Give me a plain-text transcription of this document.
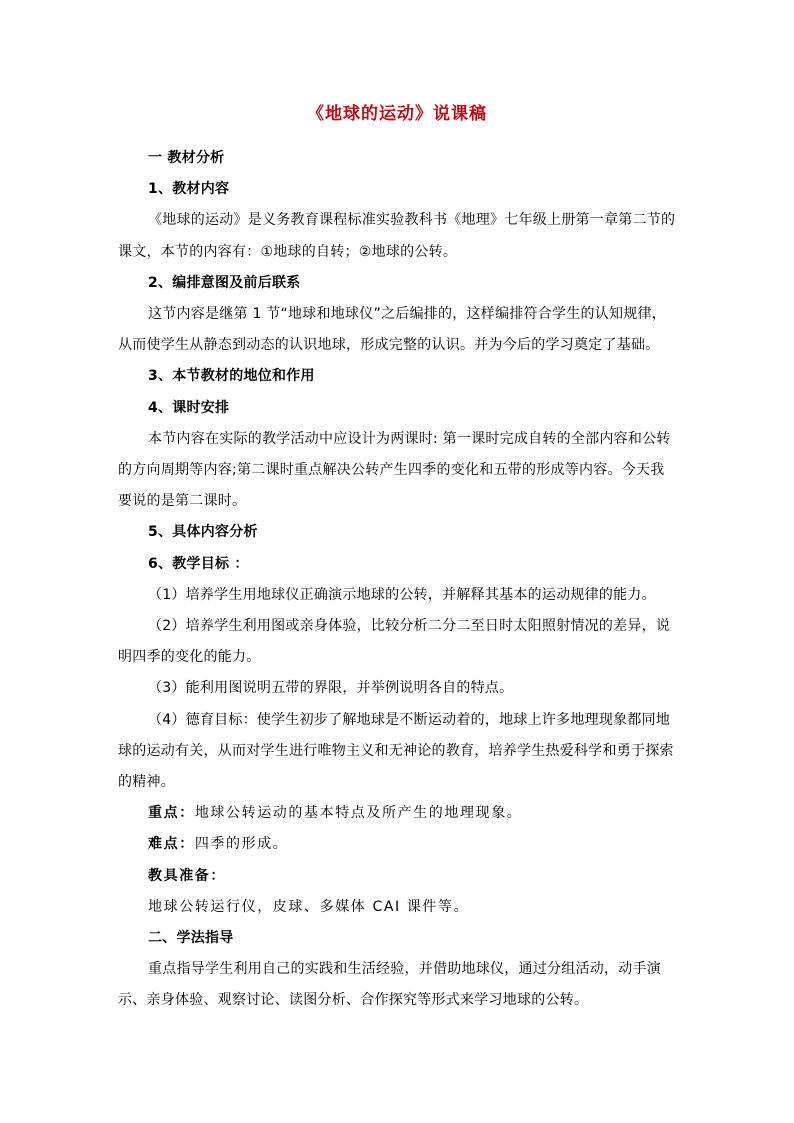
《地球的运动》说课稿

一 教材分析

1、教材内容

《地球的运动》是义务教育课程标准实验教科书《地理》七年级上册第一章第二节的课文，本节的内容有：①地球的自转；②地球的公转。

2、编排意图及前后联系

这节内容是继第 1 节“地球和地球仪”之后编排的，这样编排符合学生的认知规律，从而使学生从静态到动态的认识地球，形成完整的认识。并为今后的学习奠定了基础。

3、本节教材的地位和作用

4、课时安排

本节内容在实际的教学活动中应设计为两课时: 第一课时完成自转的全部内容和公转的方向周期等内容;第二课时重点解决公转产生四季的变化和五带的形成等内容。今天我要说的是第二课时。

5、具体内容分析

6、教学目标 ：

（1）培养学生用地球仪正确演示地球的公转，并解释其基本的运动规律的能力。

（2）培养学生利用图或亲身体验，比较分析二分二至日时太阳照射情况的差异，说明四季的变化的能力。

（3）能利用图说明五带的界限，并举例说明各自的特点。

（4）德育目标：使学生初步了解地球是不断运动着的，地球上许多地理现象都同地球的运动有关，从而对学生进行唯物主义和无神论的教育，培养学生热爱科学和勇于探索的精神。

重点：地球公转运动的基本特点及所产生的地理现象。

难点：四季的形成。

教具准备：

地球公转运行仪，皮球、多媒体 CAI 课件等。

二、学法指导

重点指导学生利用自己的实践和生活经验，并借助地球仪，通过分组活动，动手演示、亲身体验、观察讨论、读图分析、合作探究等形式来学习地球的公转。
